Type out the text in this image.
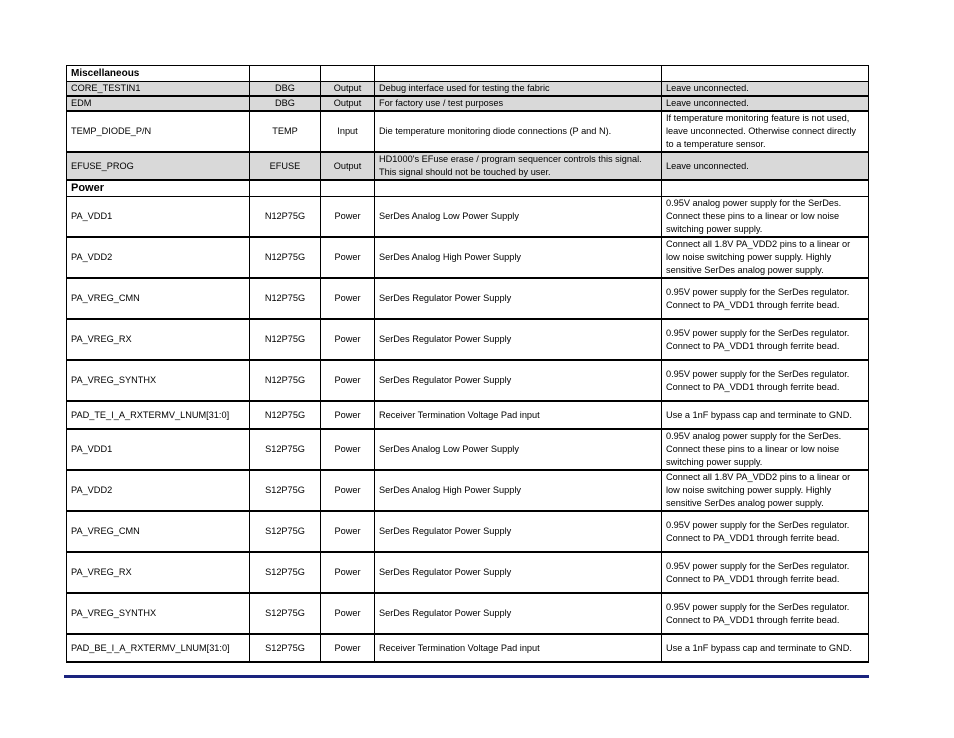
Miscellaneous				
CORE_TESTIN1	DBG	Output	Debug interface used for testing the fabric	Leave unconnected.
EDM	DBG	Output	For factory use / test purposes	Leave unconnected.
TEMP_DIODE_P/N	TEMP	Input	Die temperature monitoring diode connections (P and N).	If temperature monitoring feature is not used, leave unconnected. Otherwise connect directly to a temperature sensor.
EFUSE_PROG	EFUSE	Output	HD1000's EFuse erase / program sequencer controls this signal. This signal should not be touched by user.	Leave unconnected.
Power				
PA_VDD1	N12P75G	Power	SerDes Analog Low Power Supply	0.95V analog power supply for the SerDes. Connect these pins to a linear or low noise switching power supply.
PA_VDD2	N12P75G	Power	SerDes Analog High Power Supply	Connect all 1.8V PA_VDD2 pins to a linear or low noise switching power supply. Highly sensitive SerDes analog power supply.
PA_VREG_CMN	N12P75G	Power	SerDes Regulator Power Supply	0.95V power supply for the SerDes regulator. Connect to PA_VDD1 through ferrite bead.
PA_VREG_RX	N12P75G	Power	SerDes Regulator Power Supply	0.95V power supply for the SerDes regulator. Connect to PA_VDD1 through ferrite bead.
PA_VREG_SYNTHX	N12P75G	Power	SerDes Regulator Power Supply	0.95V power supply for the SerDes regulator. Connect to PA_VDD1 through ferrite bead.
PAD_TE_I_A_RXTERMV_LNUM[31:0]	N12P75G	Power	Receiver Termination Voltage Pad input	Use a 1nF bypass cap and terminate to GND.
PA_VDD1	S12P75G	Power	SerDes Analog Low Power Supply	0.95V analog power supply for the SerDes. Connect these pins to a linear or low noise switching power supply.
PA_VDD2	S12P75G	Power	SerDes Analog High Power Supply	Connect all 1.8V PA_VDD2 pins to a linear or low noise switching power supply. Highly sensitive SerDes analog power supply.
PA_VREG_CMN	S12P75G	Power	SerDes Regulator Power Supply	0.95V power supply for the SerDes regulator. Connect to PA_VDD1 through ferrite bead.
PA_VREG_RX	S12P75G	Power	SerDes Regulator Power Supply	0.95V power supply for the SerDes regulator. Connect to PA_VDD1 through ferrite bead.
PA_VREG_SYNTHX	S12P75G	Power	SerDes Regulator Power Supply	0.95V power supply for the SerDes regulator. Connect to PA_VDD1 through ferrite bead.
PAD_BE_I_A_RXTERMV_LNUM[31:0]	S12P75G	Power	Receiver Termination Voltage Pad input	Use a 1nF bypass cap and terminate to GND.
